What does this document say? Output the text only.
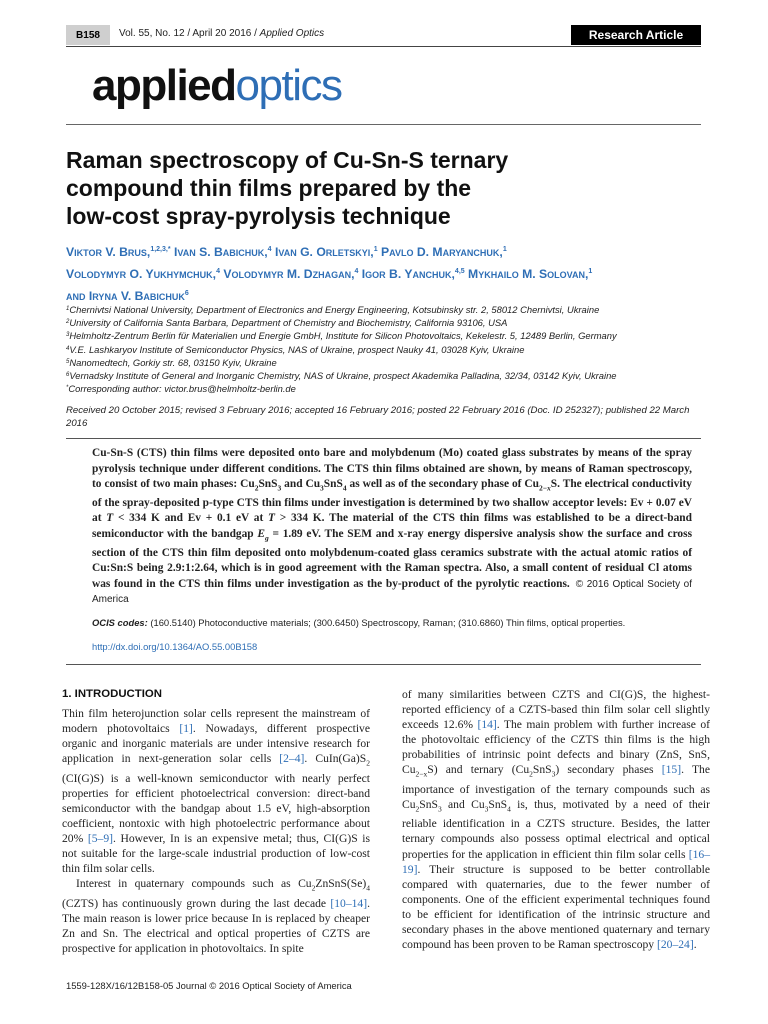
B158	Vol. 55, No. 12 / April 20 2016 / Applied Optics	Research Article
appliedoptics
Raman spectroscopy of Cu-Sn-S ternary
compound thin films prepared by the
low-cost spray-pyrolysis technique
Viktor V. Brus,$^{1,2,3,*}$ Ivan S. Babichuk,$^4$ Ivan G. Orletskyi,$^1$ Pavlo D. Maryanchuk,$^1$
Volodymyr O. Yukhymchuk,$^4$ Volodymyr M. Dzhagan,$^4$ Igor B. Yanchuk,$^{4,5}$ Mykhailo M. Solovan,$^1$
and Iryna V. Babichuk$^6$
$^1$Chernivtsi National University, Department of Electronics and Energy Engineering, Kotsubinsky str. 2, 58012 Chernivtsi, Ukraine
$^2$University of California Santa Barbara, Department of Chemistry and Biochemistry, California 93106, USA
$^3$Helmholtz-Zentrum Berlin für Materialien und Energie GmbH, Institute for Silicon Photovoltaics, Kekelestr. 5, 12489 Berlin, Germany
$^4$V.E. Lashkaryov Institute of Semiconductor Physics, NAS of Ukraine, prospect Nauky 41, 03028 Kyiv, Ukraine
$^5$Nanomedtech, Gorkiy str. 68, 03150 Kyiv, Ukraine
$^6$Vernadsky Institute of General and Inorganic Chemistry, NAS of Ukraine, prospect Akademika Palladina, 32/34, 03142 Kyiv, Ukraine
*Corresponding author: victor.brus@helmholtz-berlin.de
Received 20 October 2015; revised 3 February 2016; accepted 16 February 2016; posted 22 February 2016 (Doc. ID 252327); published 22 March 2016
Cu-Sn-S (CTS) thin films were deposited onto bare and molybdenum (Mo) coated glass substrates by means of the spray pyrolysis technique under different conditions. The CTS thin films obtained are shown, by means of Raman spectroscopy, to consist of two main phases: $Cu_2SnS_3$ and $Cu_3SnS_4$ as well as of the secondary phase of $Cu_{2-x}S$. The electrical conductivity of the spray-deposited p-type CTS thin films under investigation is determined by two shallow acceptor levels: Ev + 0.07 eV at T < 334 K and Ev + 0.1 eV at T > 334 K. The material of the CTS thin films was established to be a direct-band semiconductor with the bandgap $E_g = 1.89$ eV. The SEM and x-ray energy dispersive analysis show the surface and cross section of the CTS thin film deposited onto molybdenum-coated glass ceramics substrate with the actual atomic ratios of Cu:Sn:S being 2.9:1:2.64, which is in good agreement with the Raman spectra. Also, a small content of residual Cl atoms was found in the CTS thin films under investigation as the by-product of the pyrolytic reactions. © 2016 Optical Society of America
OCIS codes: (160.5140) Photoconductive materials; (300.6450) Spectroscopy, Raman; (310.6860) Thin films, optical properties.
http://dx.doi.org/10.1364/AO.55.00B158
1. INTRODUCTION

Thin film heterojunction solar cells represent the mainstream of modern photovoltaics [1]. Nowadays, different prospective organic and inorganic materials are under intensive research for application in next-generation solar cells [2–4]. $CuIn(Ga)S_2$ (CI(G)S) is a well-known semiconductor with nearly perfect properties for efficient photoelectrical conversion: direct-band semiconductor with the bandgap about 1.5 eV, high-absorption coefficient, nontoxic with high photoelectric performance about 20% [5–9]. However, In is an expensive metal; thus, CI(G)S is not suitable for the large-scale industrial production of low-cost thin film solar cells.

Interest in quaternary compounds such as $Cu_2ZnSnS(Se)_4$ (CZTS) has continuously grown during the last decade [10–14]. The main reason is lower price because In is replaced by cheaper Zn and Sn. The electrical and optical properties of CZTS are prospective for application in photovoltaics. In spite

of many similarities between CZTS and CI(G)S, the highest-reported efficiency of a CZTS-based thin film solar cell slightly exceeds 12.6% [14]. The main problem with further increase of the photovoltaic efficiency of the CZTS thin films is the high probabilities of intrinsic point defects and binary (ZnS, SnS, $Cu_{2-x}S$) and ternary $(Cu_2SnS_3)$ secondary phases [15]. The importance of investigation of the ternary compounds such as $Cu_2SnS_3$ and $Cu_3SnS_4$ is, thus, motivated by a need of their reliable identification in a CZTS structure. Besides, the latter ternary compounds also possess optimal electrical and optical properties for the application in efficient thin film solar cells [16–19]. Their structure is supposed to be better controllable compared with quaternaries, due to the fewer number of components. One of the efficient experimental techniques found to be efficient for identification of the intrinsic structure and secondary phases in the above mentioned quaternary and ternary compound has been proven to be Raman spectroscopy [20–24].

1559-128X/16/12B158-05 Journal © 2016 Optical Society of America
